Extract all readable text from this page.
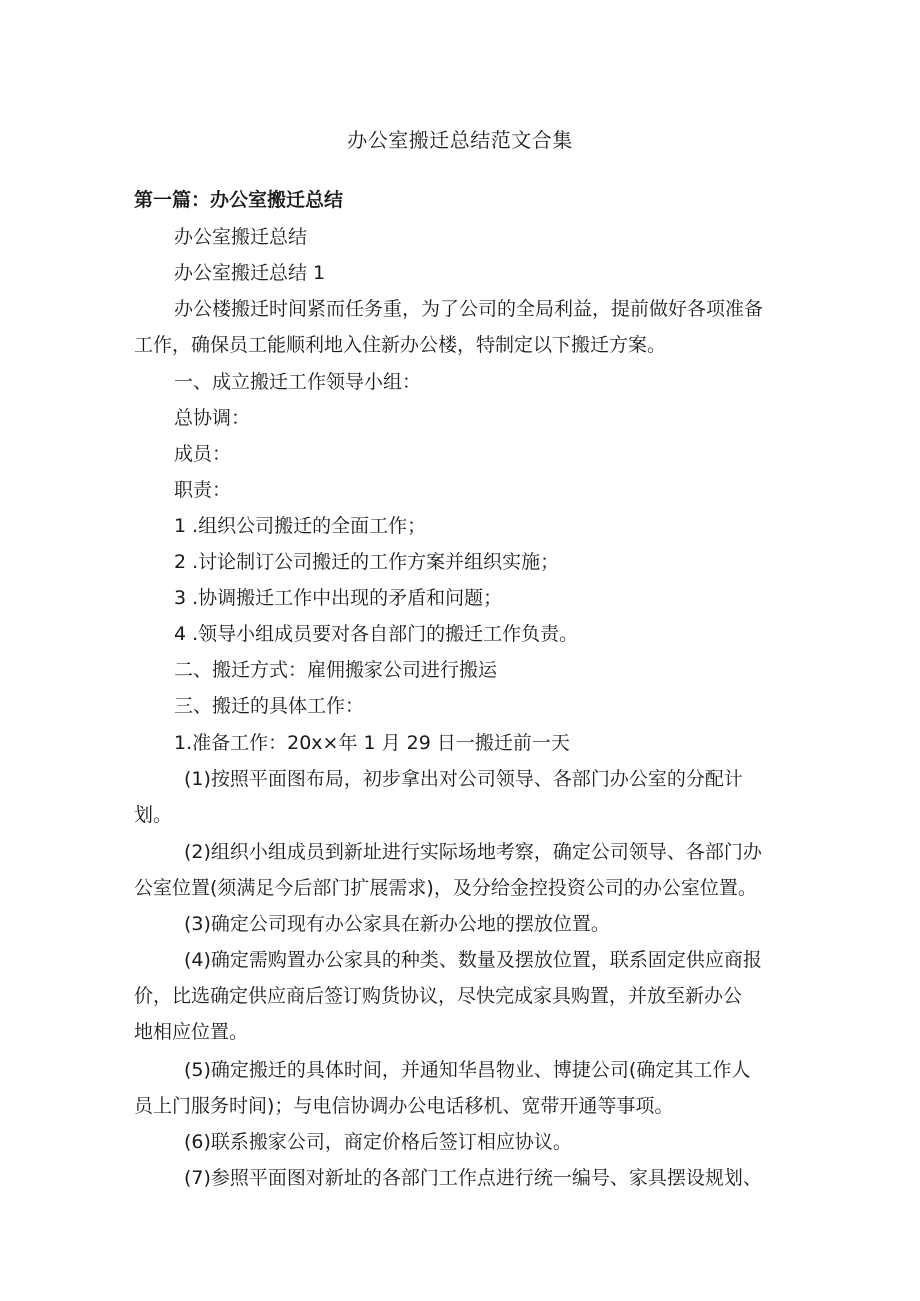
办公室搬迁总结范文合集
第一篇：办公室搬迁总结
办公室搬迁总结
办公室搬迁总结 1
办公楼搬迁时间紧而任务重，为了公司的全局利益，提前做好各项准备
工作，确保员工能顺利地入住新办公楼，特制定以下搬迁方案。
一、成立搬迁工作领导小组：
总协调：
成员：
职责：
1 .组织公司搬迁的全面工作；
2 .讨论制订公司搬迁的工作方案并组织实施；
3 .协调搬迁工作中出现的矛盾和问题；
4 .领导小组成员要对各自部门的搬迁工作负责。
二、搬迁方式：雇佣搬家公司进行搬运
三、搬迁的具体工作：
1.准备工作：20x×年 1 月 29 日一搬迁前一天
(1)按照平面图布局，初步拿出对公司领导、各部门办公室的分配计
划。
(2)组织小组成员到新址进行实际场地考察，确定公司领导、各部门办
公室位置(须满足今后部门扩展需求)，及分给金控投资公司的办公室位置。
(3)确定公司现有办公家具在新办公地的摆放位置。
(4)确定需购置办公家具的种类、数量及摆放位置，联系固定供应商报
价，比选确定供应商后签订购货协议，尽快完成家具购置，并放至新办公
地相应位置。
(5)确定搬迁的具体时间，并通知华昌物业、博捷公司(确定其工作人
员上门服务时间)；与电信协调办公电话移机、宽带开通等事项。
(6)联系搬家公司，商定价格后签订相应协议。
(7)参照平面图对新址的各部门工作点进行统一编号、家具摆设规划、
